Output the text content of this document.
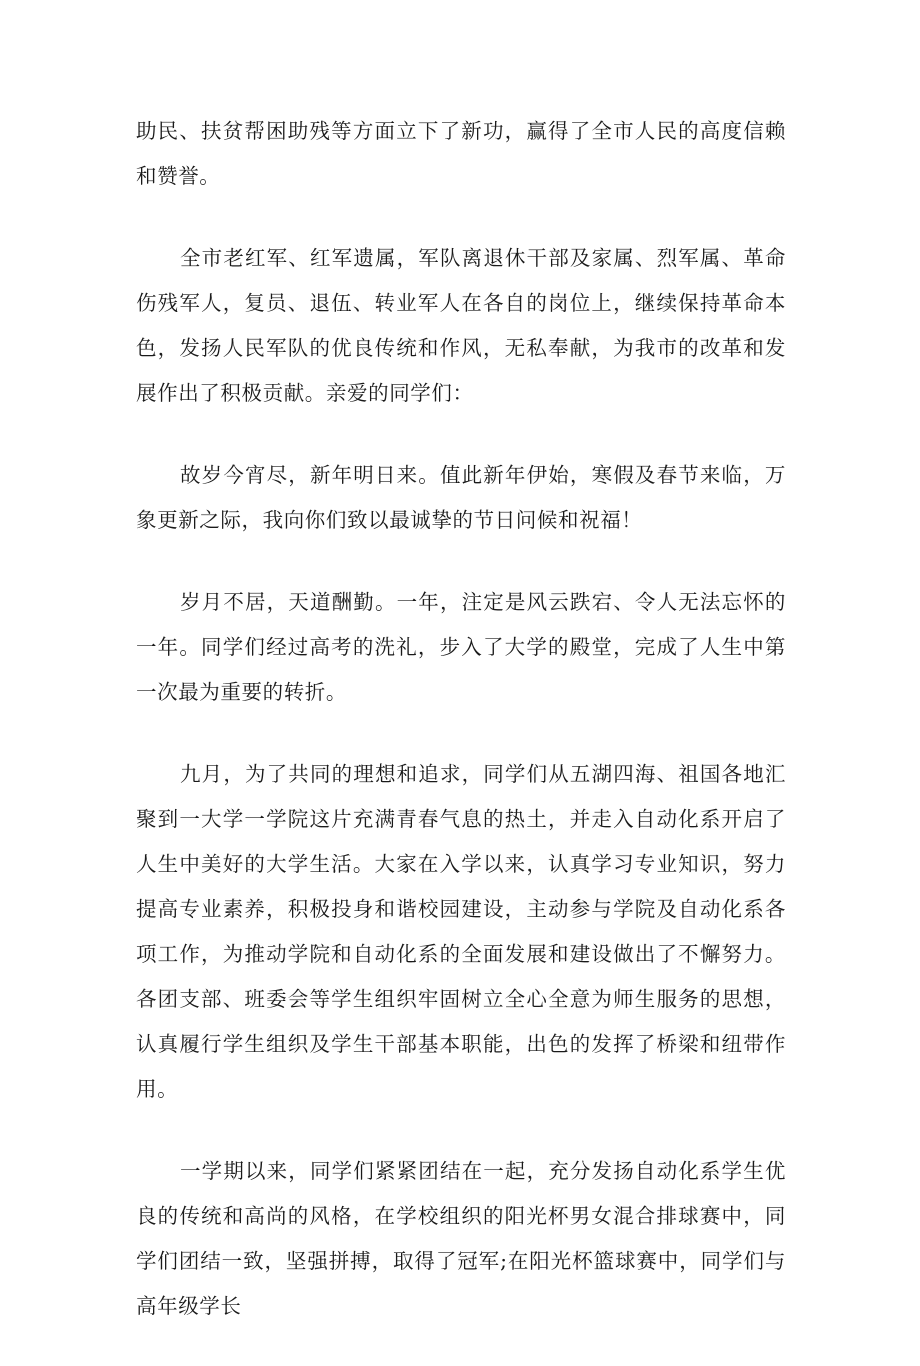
助民、扶贫帮困助残等方面立下了新功，赢得了全市人民的高度信赖和赞誉。

全市老红军、红军遗属，军队离退休干部及家属、烈军属、革命伤残军人，复员、退伍、转业军人在各自的岗位上，继续保持革命本色，发扬人民军队的优良传统和作风，无私奉献，为我市的改革和发展作出了积极贡献。亲爱的同学们：

故岁今宵尽，新年明日来。值此新年伊始，寒假及春节来临，万象更新之际，我向你们致以最诚挚的节日问候和祝福！

岁月不居，天道酬勤。一年，注定是风云跌宕、令人无法忘怀的一年。同学们经过高考的洗礼，步入了大学的殿堂，完成了人生中第一次最为重要的转折。

九月，为了共同的理想和追求，同学们从五湖四海、祖国各地汇聚到一大学一学院这片充满青春气息的热土，并走入自动化系开启了人生中美好的大学生活。大家在入学以来，认真学习专业知识，努力提高专业素养，积极投身和谐校园建设，主动参与学院及自动化系各项工作，为推动学院和自动化系的全面发展和建设做出了不懈努力。各团支部、班委会等学生组织牢固树立全心全意为师生服务的思想，认真履行学生组织及学生干部基本职能，出色的发挥了桥梁和纽带作用。

一学期以来，同学们紧紧团结在一起，充分发扬自动化系学生优良的传统和高尚的风格，在学校组织的阳光杯男女混合排球赛中，同学们团结一致，坚强拼搏，取得了冠军;在阳光杯篮球赛中，同学们与高年级学长
